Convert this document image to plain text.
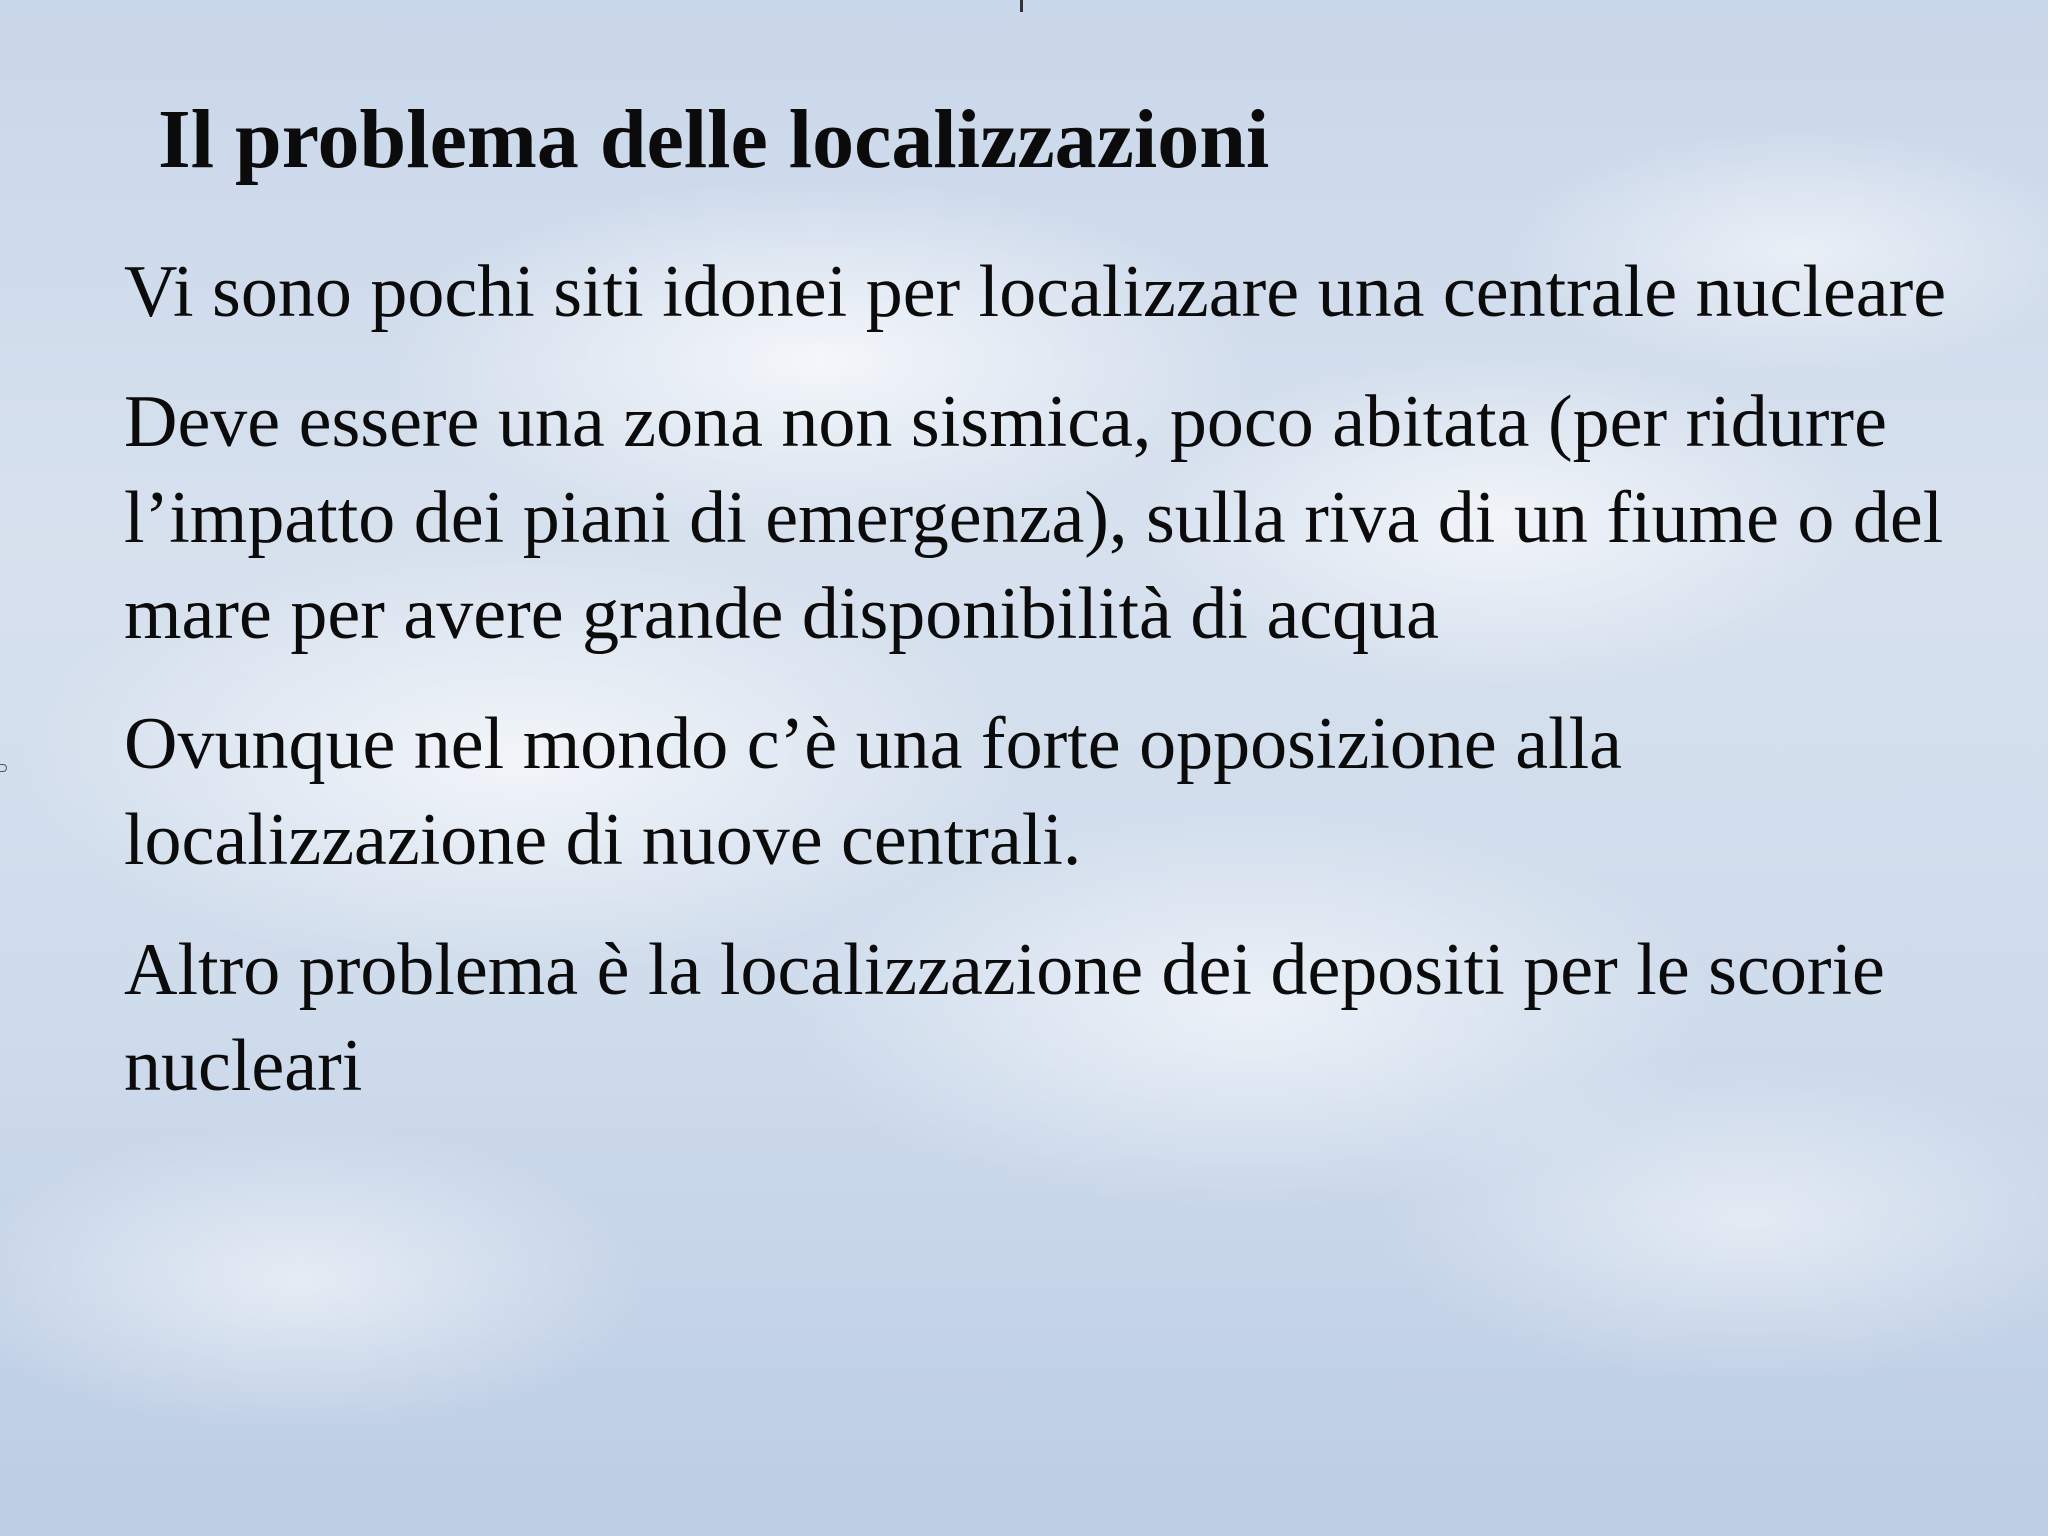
Il problema delle localizzazioni

Vi sono pochi siti idonei per localizzare una centrale nucleare

Deve essere una zona non sismica, poco abitata (per ridurre l’impatto dei piani di emergenza), sulla riva di un fiume o del mare per avere grande disponibilità di acqua

Ovunque nel mondo c’è una forte opposizione alla localizzazione di nuove centrali.

Altro problema è la localizzazione dei depositi per le scorie nucleari
